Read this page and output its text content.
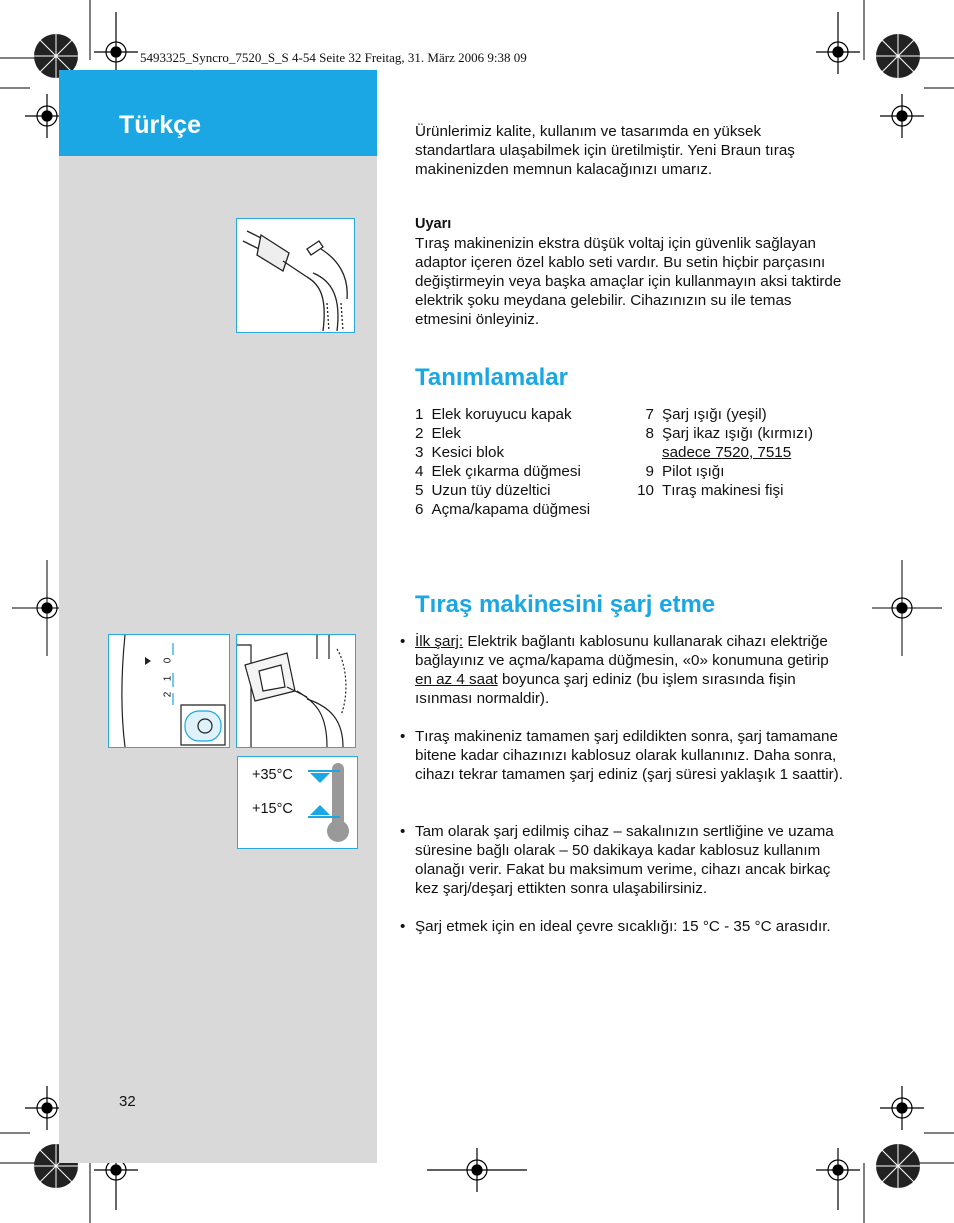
5493325_Syncro_7520_S_S 4-54 Seite 32 Freitag, 31. März 2006 9:38 09
Türkçe
32
0
1
2
+35°C
+15°C
Ürünlerimiz kalite, kullanım ve tasarımda en yüksek standartlara ulaşabilmek için üretilmiştir. Yeni Braun tıraş makinenizden memnun kalacağınızı umarız.
Uyarı
Tıraş makinenizin ekstra düşük voltaj için güvenlik sağlayan adaptor içeren özel kablo seti vardır. Bu setin hiçbir parçasını değiştirmeyin veya başka amaçlar için kullanmayın aksi taktirde elektrik şoku meydana gelebilir. Cihazınızın su ile temas etmesini önleyiniz.
Tanımlamalar
1 Elek koruyucu kapak
2 Elek
3 Kesici blok
4 Elek çıkarma düğmesi
5 Uzun tüy düzeltici
6 Açma/kapama düğmesi
7 Şarj ışığı (yeşil)
8 Şarj ikaz ışığı (kırmızı)
sadece 7520, 7515
9 Pilot ışığı
10 Tıraş makinesi fişi
Tıraş makinesini şarj etme
• İlk şarj: Elektrik bağlantı kablosunu kullanarak cihazı elektriğe bağlayınız ve açma/kapama düğmesin, «0» konumuna getirip en az 4 saat boyunca şarj ediniz (bu işlem sırasında fişin ısınması normaldir).
• Tıraş makineniz tamamen şarj edildikten sonra, şarj tamamane bitene kadar cihazınızı kablosuz olarak kullanınız. Daha sonra, cihazı tekrar tamamen şarj ediniz (şarj süresi yaklaşık 1 saattir).
• Tam olarak şarj edilmiş cihaz – sakalınızın sertliğine ve uzama süresine bağlı olarak – 50 dakikaya kadar kablosuz kullanım olanağı verir. Fakat bu maksimum verime, cihazı ancak birkaç kez şarj/deşarj ettikten sonra ulaşabilirsiniz.
• Şarj etmek için en ideal çevre sıcaklığı: 15 °C - 35 °C arasıdır.
